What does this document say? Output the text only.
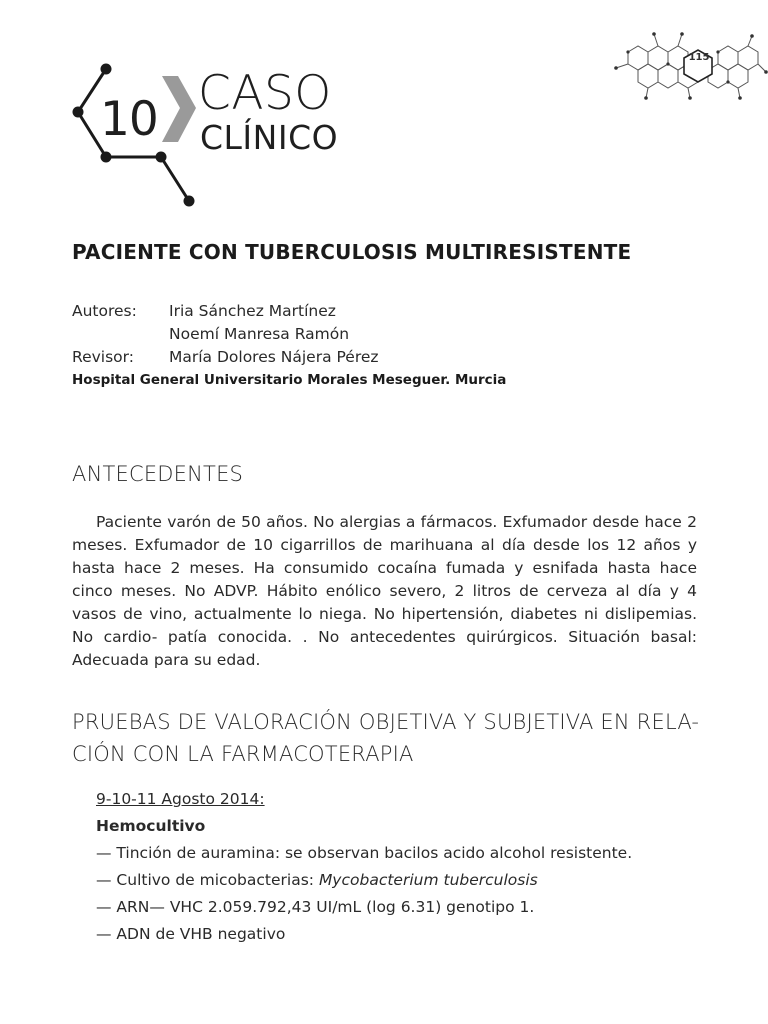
10 CASO
CLÍNICO
115
PACIENTE CON TUBERCULOSIS MULTIRESISTENTE
Autores:	Iria Sánchez Martínez
Noemí Manresa Ramón
Revisor:	María Dolores Nájera Pérez
Hospital General Universitario Morales Meseguer. Murcia
ANTECEDENTES
Paciente varón de 50 años. No alergias a fármacos. Exfumador desde hace 2 meses. Exfumador de 10 cigarrillos de marihuana al día desde los 12 años y hasta hace 2 meses. Ha consumido cocaína fumada y esnifada hasta hace cinco meses. No ADVP. Hábito enólico severo, 2 litros de cerveza al día y 4 vasos de vino, actualmente lo niega. No hipertensión, diabetes ni dislipemias. No cardio- patía conocida. . No antecedentes quirúrgicos. Situación basal: Adecuada para su edad.
PRUEBAS DE VALORACIÓN OBJETIVA Y SUBJETIVA EN RELA-
CIÓN CON LA FARMACOTERAPIA
9-10-11 Agosto 2014:
Hemocultivo
— Tinción de auramina: se observan bacilos acido alcohol resistente.
— Cultivo de micobacterias: Mycobacterium tuberculosis
— ARN— VHC 2.059.792,43 UI/mL (log 6.31) genotipo 1.
— ADN de VHB negativo
